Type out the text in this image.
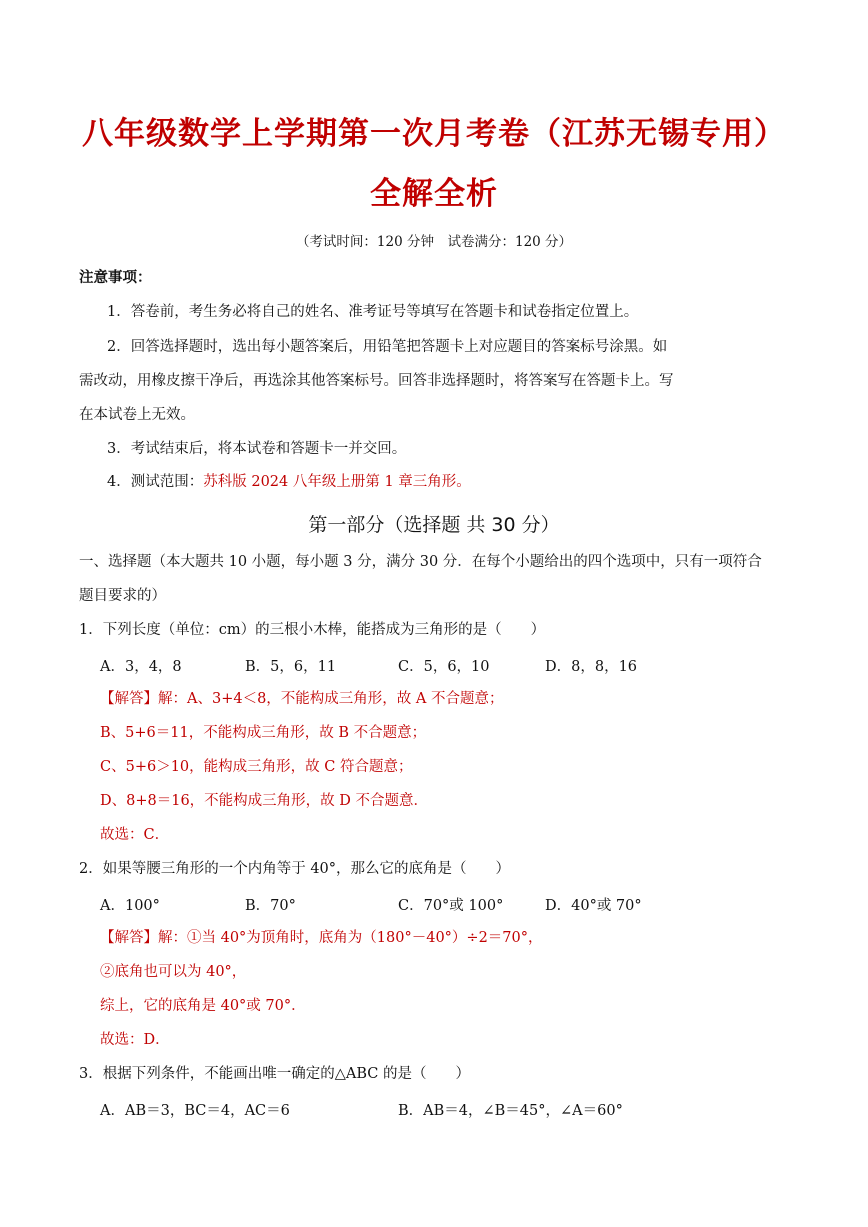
八年级数学上学期第一次月考卷（江苏无锡专用）
全解全析
（考试时间：120 分钟　试卷满分：120 分）
注意事项：
1．答卷前，考生务必将自己的姓名、准考证号等填写在答题卡和试卷指定位置上。
2．回答选择题时，选出每小题答案后，用铅笔把答题卡上对应题目的答案标号涂黑。如
需改动，用橡皮擦干净后，再选涂其他答案标号。回答非选择题时，将答案写在答题卡上。写
在本试卷上无效。
3．考试结束后，将本试卷和答题卡一并交回。
4．测试范围：苏科版 2024 八年级上册第 1 章三角形。
第一部分（选择题 共 30 分）
一、选择题（本大题共 10 小题，每小题 3 分，满分 30 分．在每个小题给出的四个选项中，只有一项符合
题目要求的）
1．下列长度（单位：cm）的三根小木棒，能搭成为三角形的是（　　）
A．3，4，8	B．5，6，11	C．5，6，10	D．8，8，16
【解答】解：A、3+4＜8，不能构成三角形，故 A 不合题意；
B、5+6＝11，不能构成三角形，故 B 不合题意；
C、5+6＞10，能构成三角形，故 C 符合题意；
D、8+8＝16，不能构成三角形，故 D 不合题意．
故选：C．
2．如果等腰三角形的一个内角等于 40°，那么它的底角是（　　）
A．100°	B．70°	C．70°或 100°	D．40°或 70°
【解答】解：①当 40°为顶角时，底角为（180°－40°）÷2＝70°，
②底角也可以为 40°，
综上，它的底角是 40°或 70°．
故选：D．
3．根据下列条件，不能画出唯一确定的△ABC 的是（　　）
A．AB＝3，BC＝4，AC＝6	B．AB＝4，∠B＝45°，∠A＝60°
